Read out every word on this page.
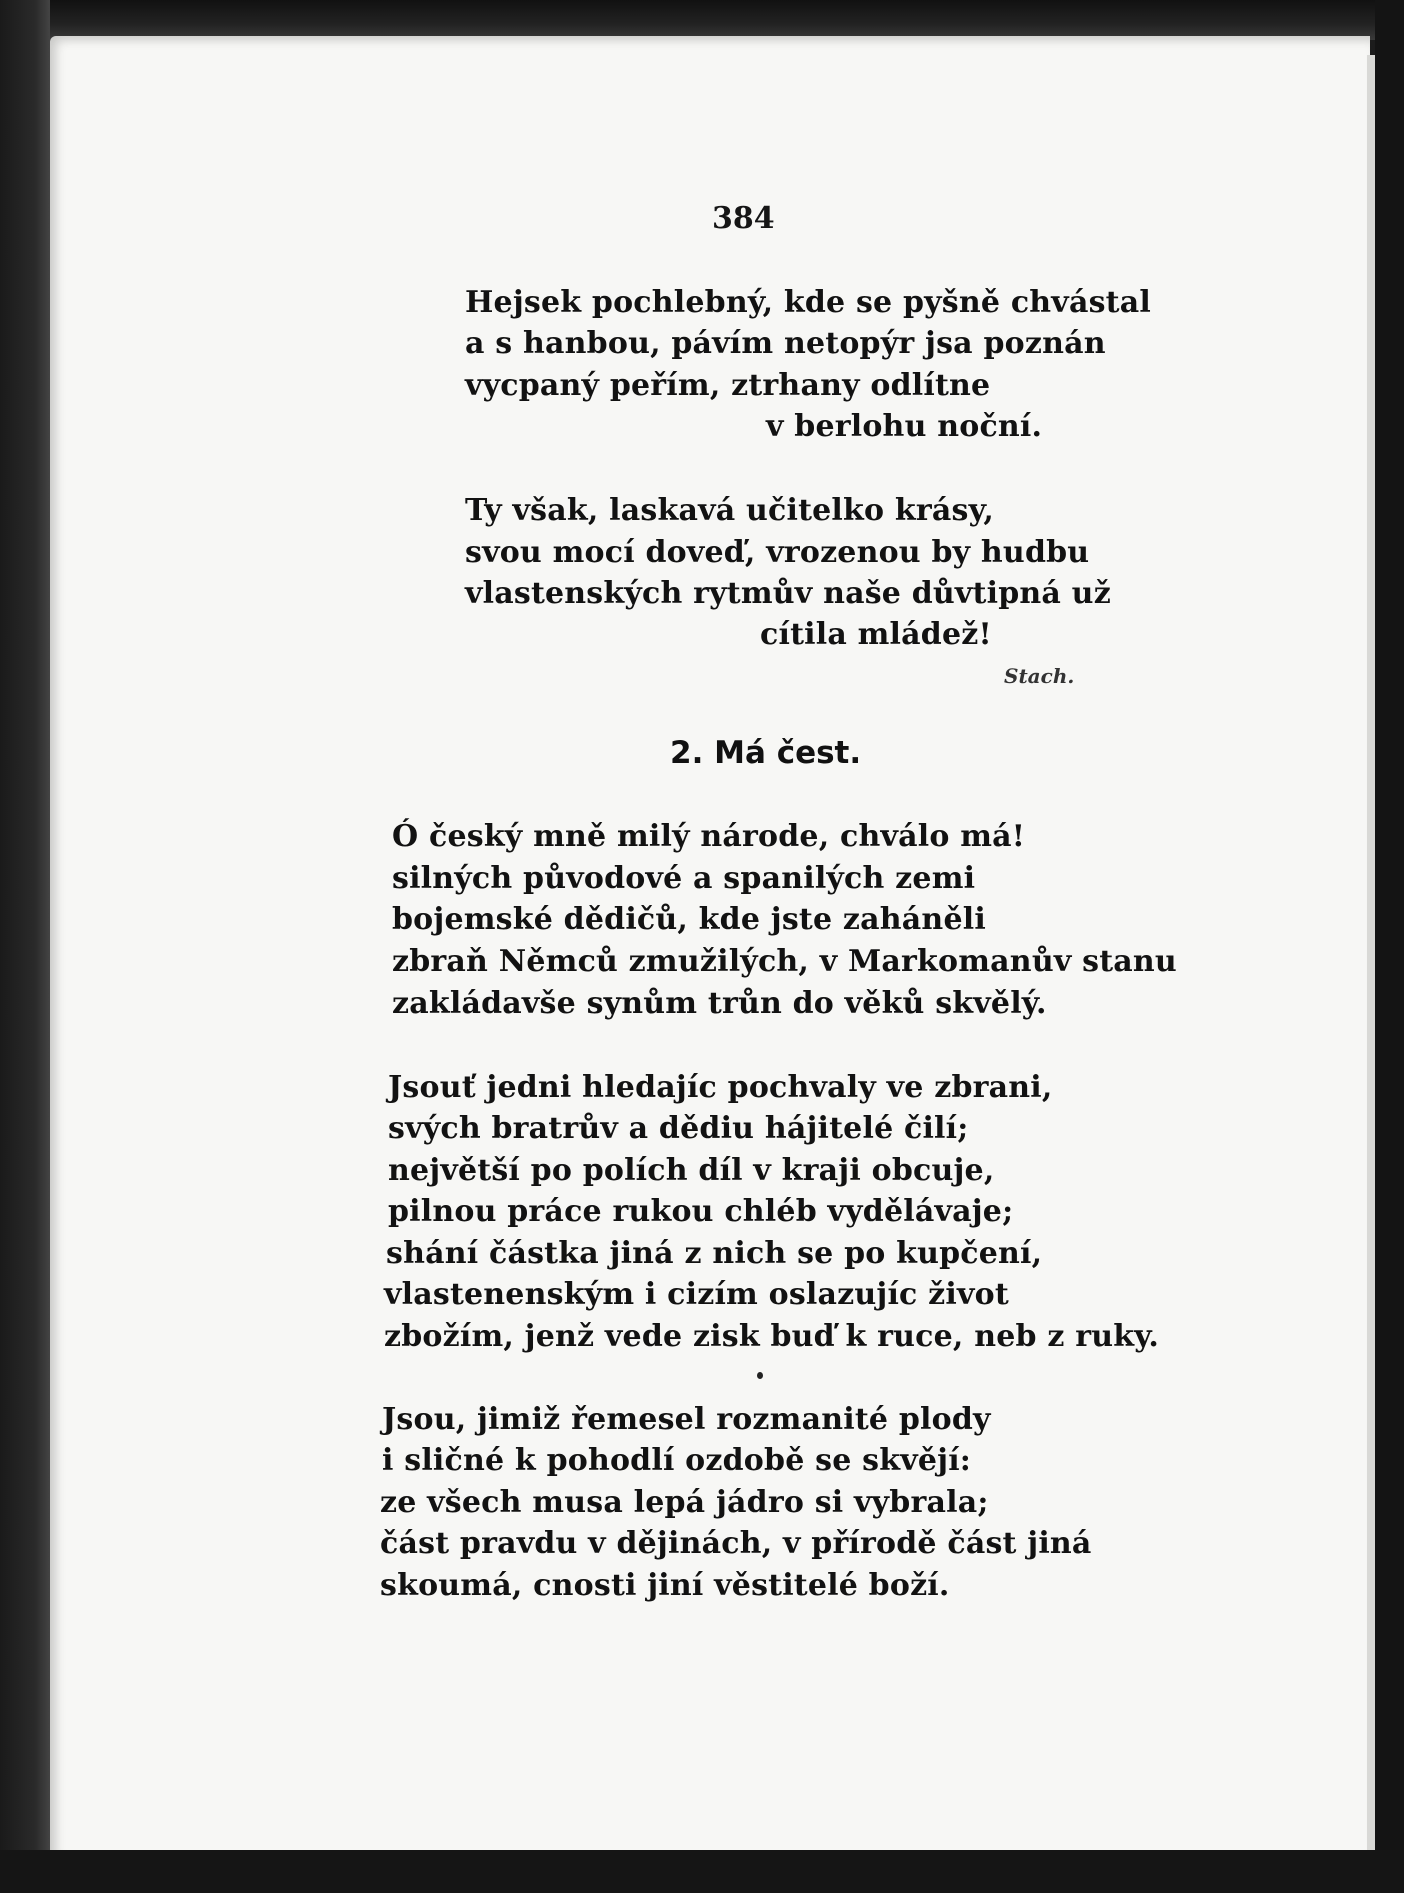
384
Hejsek pochlebný, kde se pyšně chvástal
a s hanbou, pávím netopýr jsa poznán
vycpaný peřím, ztrhany odlítne
v berlohu noční.
Ty však, laskavá učitelko krásy,
svou mocí doveď, vrozenou by hudbu
vlastenských rytmův naše důvtipná už
cítila mládež!
Stach.
2. Má čest.
Ó český mně milý národe, chválo má!
silných původové a spanilých zemi
bojemské dědičů, kde jste zaháněli
zbraň Němců zmužilých, v Markomanův stanu
zakládavše synům trůn do věků skvělý.
Jsouť jedni hledajíc pochvaly ve zbrani,
svých bratrův a dědiu hájitelé čilí;
největší po polích díl v kraji obcuje,
pilnou práce rukou chléb vydělávaje;
shání částka jiná z nich se po kupčení,
vlastenenským i cizím oslazujíc život
zbožím, jenž vede zisk buď k ruce, neb z ruky.
Jsou, jimiž řemesel rozmanité plody
i sličné k pohodlí ozdobě se skvějí:
ze všech musa lepá jádro si vybrala;
část pravdu v dějinách, v přírodě část jiná
skoumá, cnosti jiní věstitelé boží.
